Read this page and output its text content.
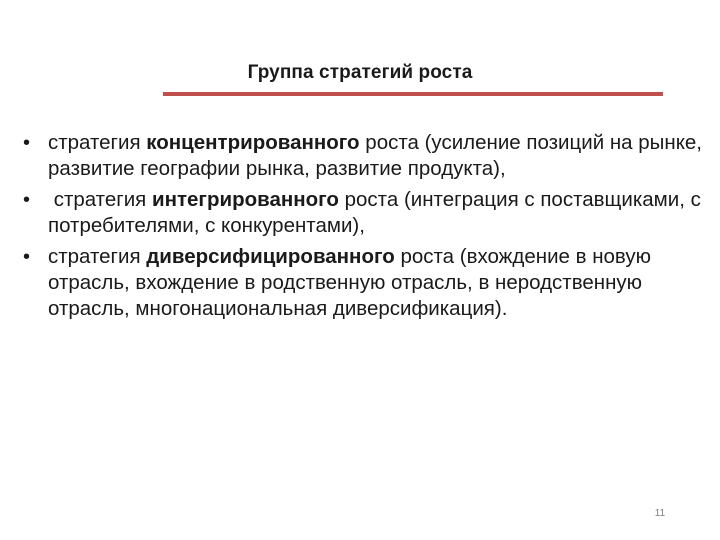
Группа стратегий роста
• стратегия концентрированного роста (усиление позиций на рынке, развитие географии рынка, развитие продукта),
• стратегия интегрированного роста (интеграция с поставщиками, с потребителями, с конкурентами),
• стратегия диверсифицированного роста (вхождение в новую отрасль, вхождение в родственную отрасль, в неродственную отрасль, многонациональная диверсификация).
11
